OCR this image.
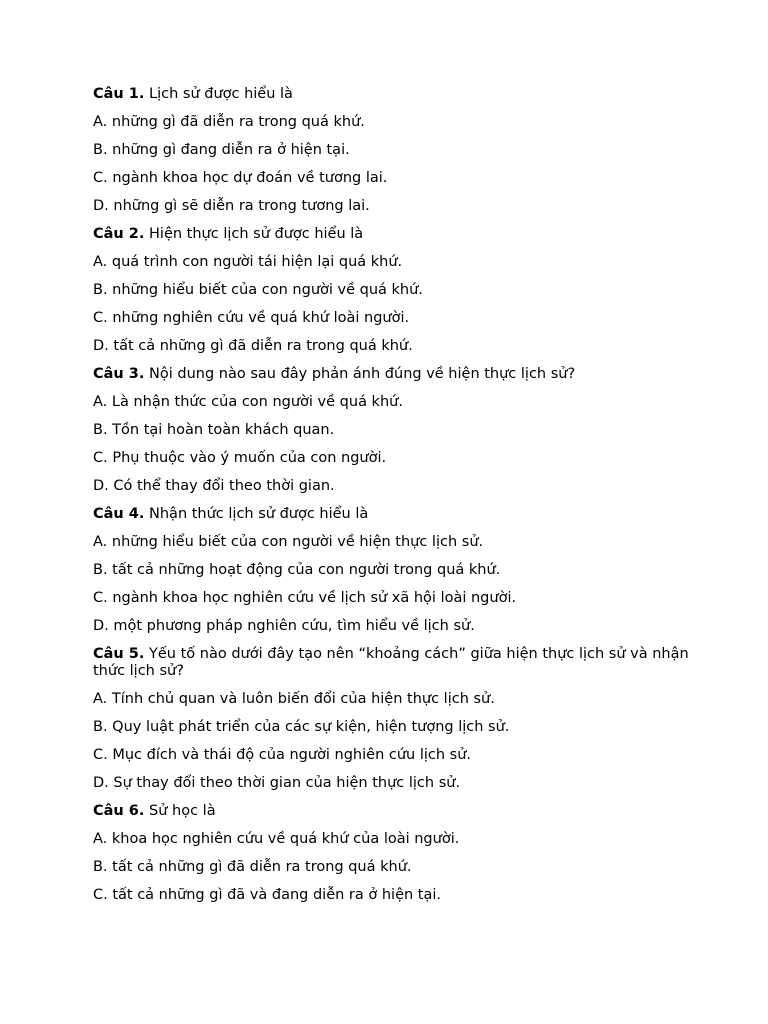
Câu 1. Lịch sử được hiểu là
A. những gì đã diễn ra trong quá khứ.
B. những gì đang diễn ra ở hiện tại.
C. ngành khoa học dự đoán về tương lai.
D. những gì sẽ diễn ra trong tương lai.
Câu 2. Hiện thực lịch sử được hiểu là
A. quá trình con người tái hiện lại quá khứ.
B. những hiểu biết của con người về quá khứ.
C. những nghiên cứu về quá khứ loài người.
D. tất cả những gì đã diễn ra trong quá khứ.
Câu 3. Nội dung nào sau đây phản ánh đúng về hiện thực lịch sử?
A. Là nhận thức của con người về quá khứ.
B. Tồn tại hoàn toàn khách quan.
C. Phụ thuộc vào ý muốn của con người.
D. Có thể thay đổi theo thời gian.
Câu 4. Nhận thức lịch sử được hiểu là
A. những hiểu biết của con người về hiện thực lịch sử.
B. tất cả những hoạt động của con người trong quá khứ.
C. ngành khoa học nghiên cứu về lịch sử xã hội loài người.
D. một phương pháp nghiên cứu, tìm hiểu về lịch sử.
Câu 5. Yếu tố nào dưới đây tạo nên “khoảng cách” giữa hiện thực lịch sử và nhận thức lịch sử?
A. Tính chủ quan và luôn biến đổi của hiện thực lịch sử.
B. Quy luật phát triển của các sự kiện, hiện tượng lịch sử.
C. Mục đích và thái độ của người nghiên cứu lịch sử.
D. Sự thay đổi theo thời gian của hiện thực lịch sử.
Câu 6. Sử học là
A. khoa học nghiên cứu về quá khứ của loài người.
B. tất cả những gì đã diễn ra trong quá khứ.
C. tất cả những gì đã và đang diễn ra ở hiện tại.
